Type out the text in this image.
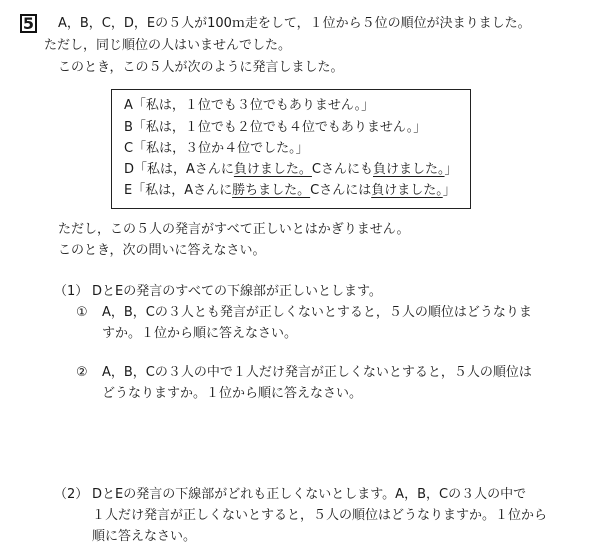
5 A，B，C，D，Eの５人が100ｍ走をして，１位から５位の順位が決まりました。
ただし，同じ順位の人はいませんでした。
このとき，この５人が次のように発言しました。
A「私は，１位でも３位でもありません。」
B「私は，１位でも２位でも４位でもありません。」
C「私は，３位か４位でした。」
D「私は，Aさんに負けました。Cさんにも負けました。」
E「私は，Aさんに勝ちました。Cさんには負けました。」
ただし，この５人の発言がすべて正しいとはかぎりません。
このとき，次の問いに答えなさい。
（1） DとEの発言のすべての下線部が正しいとします。
① A，B，Cの３人とも発言が正しくないとすると，５人の順位はどうなりま
すか。１位から順に答えなさい。
② A，B，Cの３人の中で１人だけ発言が正しくないとすると，５人の順位は
どうなりますか。１位から順に答えなさい。
（2） DとEの発言の下線部がどれも正しくないとします。A，B，Cの３人の中で
１人だけ発言が正しくないとすると，５人の順位はどうなりますか。１位から
順に答えなさい。
